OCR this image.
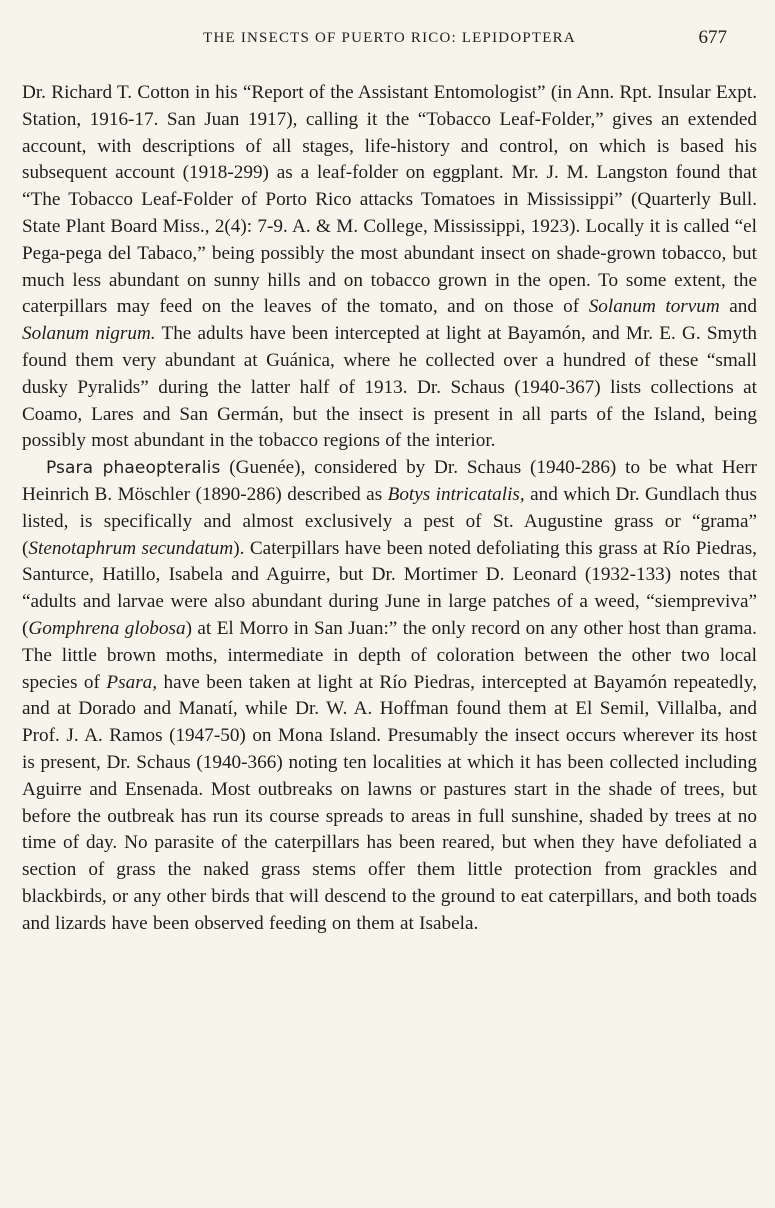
THE INSECTS OF PUERTO RICO: LEPIDOPTERA	677

Dr. Richard T. Cotton in his “Report of the Assistant Entomologist” (in Ann. Rpt. Insular Expt. Station, 1916-17. San Juan 1917), calling it the “Tobacco Leaf-Folder,” gives an extended account, with descriptions of all stages, life-history and control, on which is based his subsequent account (1918-299) as a leaf-folder on eggplant. Mr. J. M. Langston found that “The Tobacco Leaf-Folder of Porto Rico attacks Tomatoes in Mississippi” (Quarterly Bull. State Plant Board Miss., 2(4): 7-9. A. & M. College, Mississippi, 1923). Locally it is called “el Pega-pega del Tabaco,” being possibly the most abundant insect on shade-grown tobacco, but much less abundant on sunny hills and on tobacco grown in the open. To some extent, the caterpillars may feed on the leaves of the tomato, and on those of Solanum torvum and Solanum nigrum. The adults have been intercepted at light at Bayamón, and Mr. E. G. Smyth found them very abundant at Guánica, where he collected over a hundred of these “small dusky Pyralids” during the latter half of 1913. Dr. Schaus (1940-367) lists collections at Coamo, Lares and San Germán, but the insect is present in all parts of the Island, being possibly most abundant in the tobacco regions of the interior.

Psara phaeopteralis (Guenée), considered by Dr. Schaus (1940-286) to be what Herr Heinrich B. Möschler (1890-286) described as Botys intricatalis, and which Dr. Gundlach thus listed, is specifically and almost exclusively a pest of St. Augustine grass or “grama” (Stenotaphrum secundatum). Caterpillars have been noted defoliating this grass at Río Piedras, Santurce, Hatillo, Isabela and Aguirre, but Dr. Mortimer D. Leonard (1932-133) notes that “adults and larvae were also abundant during June in large patches of a weed, “siempreviva” (Gomphrena globosa) at El Morro in San Juan:” the only record on any other host than grama. The little brown moths, intermediate in depth of coloration between the other two local species of Psara, have been taken at light at Río Piedras, intercepted at Bayamón repeatedly, and at Dorado and Manatí, while Dr. W. A. Hoffman found them at El Semil, Villalba, and Prof. J. A. Ramos (1947-50) on Mona Island. Presumably the insect occurs wherever its host is present, Dr. Schaus (1940-366) noting ten localities at which it has been collected including Aguirre and Ensenada. Most outbreaks on lawns or pastures start in the shade of trees, but before the outbreak has run its course spreads to areas in full sunshine, shaded by trees at no time of day. No parasite of the caterpillars has been reared, but when they have defoliated a section of grass the naked grass stems offer them little protection from grackles and blackbirds, or any other birds that will descend to the ground to eat caterpillars, and both toads and lizards have been observed feeding on them at Isabela.
